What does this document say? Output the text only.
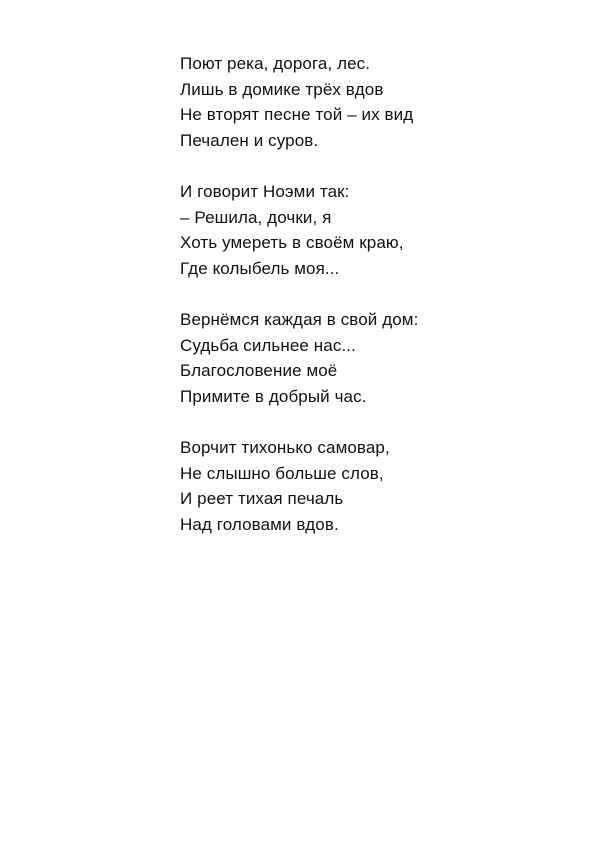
Поют река, дорога, лес.
Лишь в домике трёх вдов
Не вторят песне той – их вид
Печален и суров.
И говорит Ноэми так:
– Решила, дочки, я
Хоть умереть в своём краю,
Где колыбель моя...
Вернёмся каждая в свой дом:
Судьба сильнее нас...
Благословение моё
Примите в добрый час.
Ворчит тихонько самовар,
Не слышно больше слов,
И реет тихая печаль
Над головами вдов.
